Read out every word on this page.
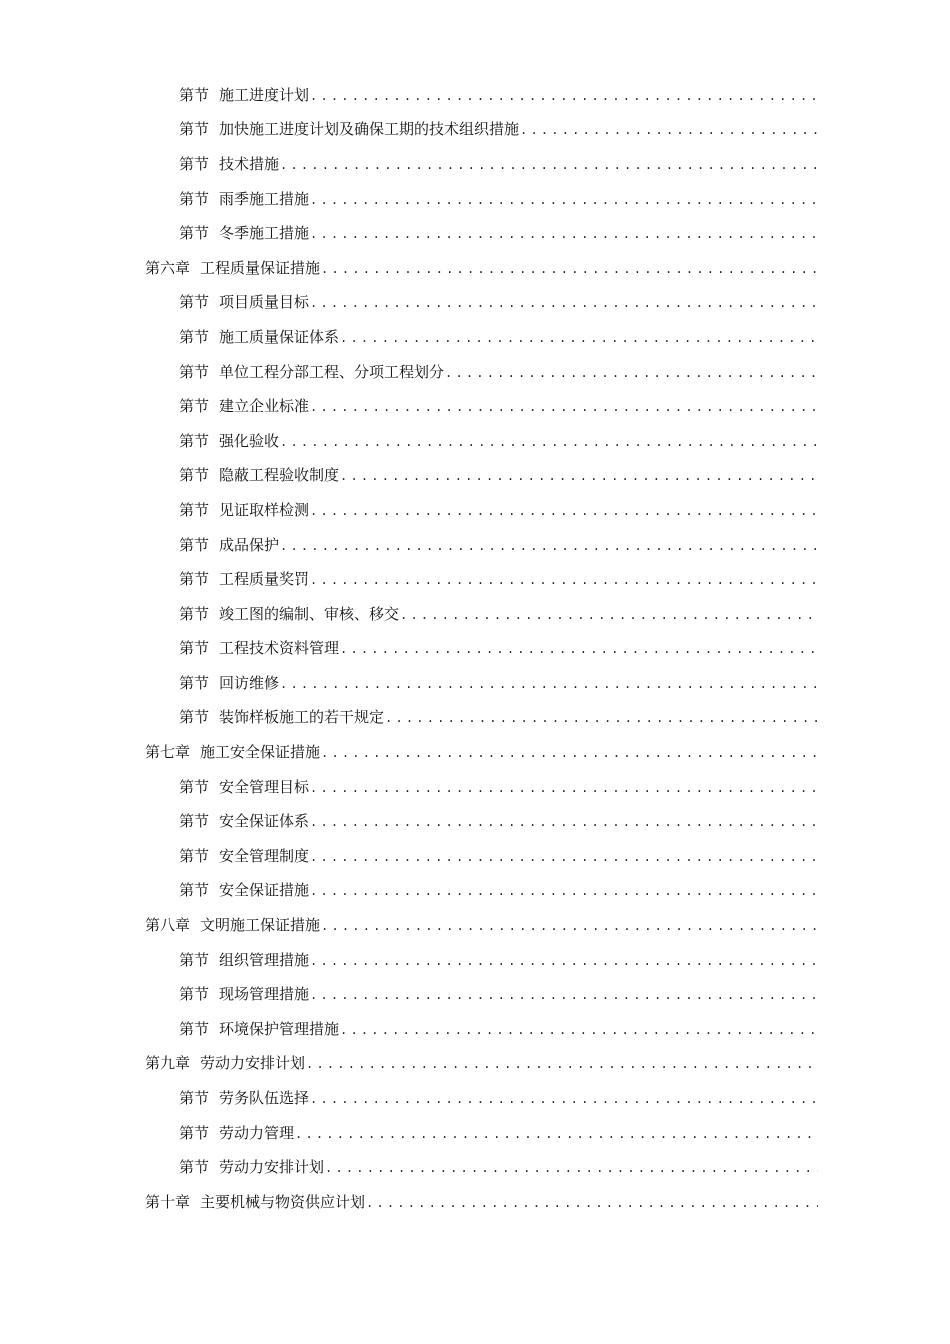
第节 施工进度计划
.....
第节 加快施工进度计划及确保工期的技术组织措施
.....
第节 技术措施
.....
第节 雨季施工措施
.....
第节 冬季施工措施
.....
第六章 工程质量保证措施
.....
第节 项目质量目标
.....
第节 施工质量保证体系
.....
第节 单位工程分部工程、分项工程划分
.....
第节 建立企业标准
.....
第节 强化验收
.....
第节 隐蔽工程验收制度
.....
第节 见证取样检测
.....
第节 成品保护
.....
第节 工程质量奖罚
.....
第节 竣工图的编制、审核、移交
.....
第节 工程技术资料管理
.....
第节 回访维修
.....
第节 装饰样板施工的若干规定
.....
第七章 施工安全保证措施
.....
第节 安全管理目标
.....
第节 安全保证体系
.....
第节 安全管理制度
.....
第节 安全保证措施
.....
第八章 文明施工保证措施
.....
第节 组织管理措施
.....
第节 现场管理措施
.....
第节 环境保护管理措施
.....
第九章 劳动力安排计划
.....
第节 劳务队伍选择
.....
第节 劳动力管理
.....
第节 劳动力安排计划
.....
第十章 主要机械与物资供应计划
.....
